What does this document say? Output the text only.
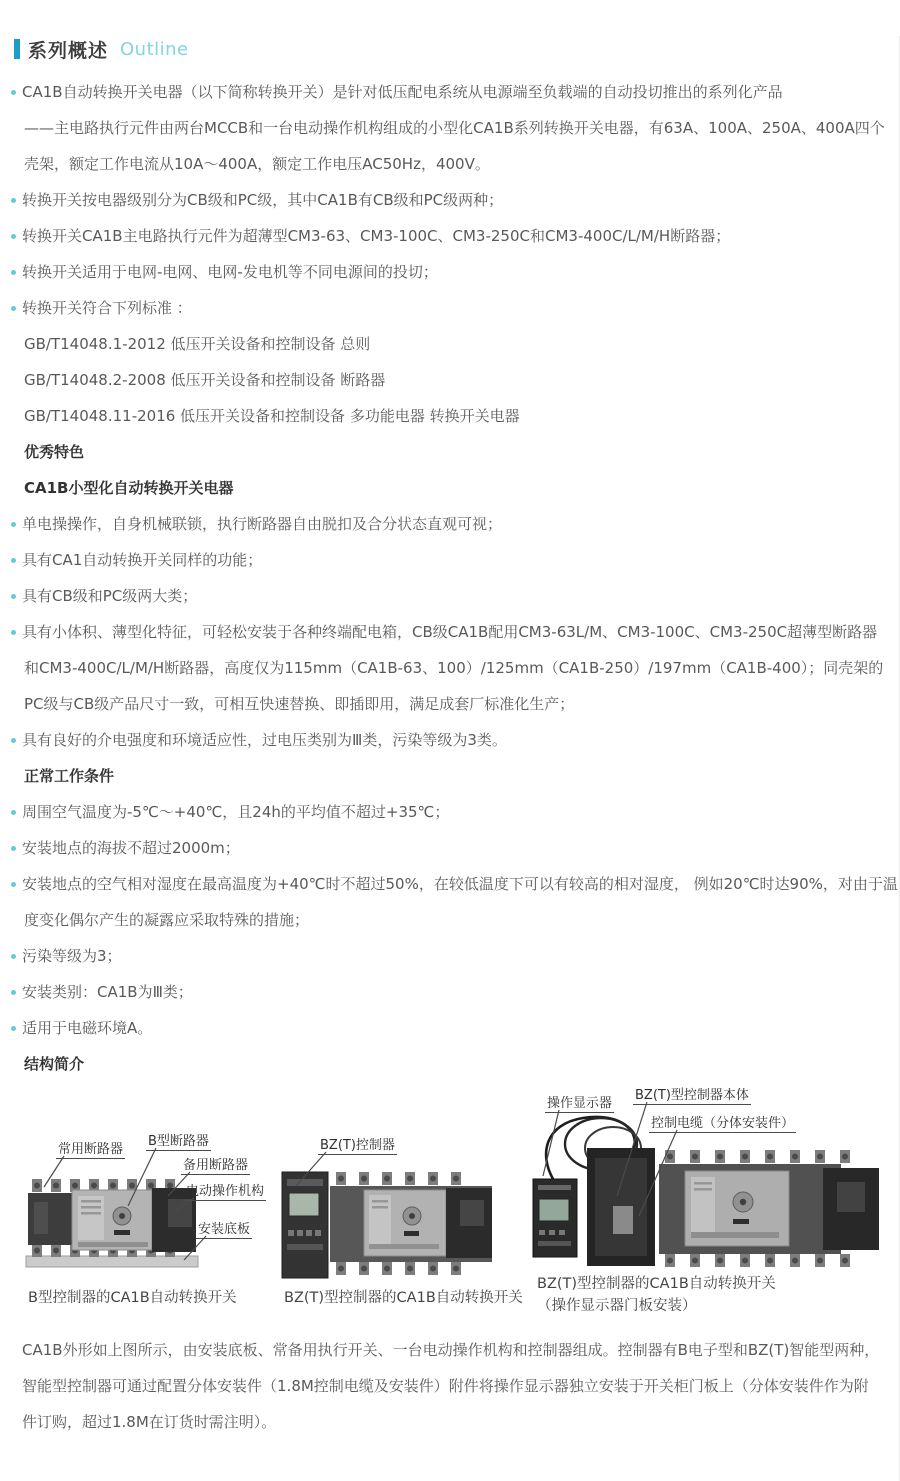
系列概述 Outline
CA1B自动转换开关电器（以下简称转换开关）是针对低压配电系统从电源端至负载端的自动投切推出的系列化产品
——主电路执行元件由两台MCCB和一台电动操作机构组成的小型化CA1B系列转换开关电器，有63A、100A、250A、400A四个
壳架，额定工作电流从10A～400A，额定工作电压AC50Hz，400V。
转换开关按电器级别分为CB级和PC级，其中CA1B有CB级和PC级两种；
转换开关CA1B主电路执行元件为超薄型CM3-63、CM3-100C、CM3-250C和CM3-400C/L/M/H断路器；
转换开关适用于电网-电网、电网-发电机等不同电源间的投切；
转换开关符合下列标准 ：
GB/T14048.1-2012 低压开关设备和控制设备 总则
GB/T14048.2-2008 低压开关设备和控制设备 断路器
GB/T14048.11-2016 低压开关设备和控制设备 多功能电器 转换开关电器
优秀特色
CA1B小型化自动转换开关电器
单电操操作，自身机械联锁，执行断路器自由脱扣及合分状态直观可视；
具有CA1自动转换开关同样的功能；
具有CB级和PC级两大类；
具有小体积、薄型化特征，可轻松安装于各种终端配电箱，CB级CA1B配用CM3-63L/M、CM3-100C、CM3-250C超薄型断路器
和CM3-400C/L/M/H断路器，高度仅为115mm（CA1B-63、100）/125mm（CA1B-250）/197mm（CA1B-400）；同壳架的
PC级与CB级产品尺寸一致，可相互快速替换、即插即用，满足成套厂标准化生产；
具有良好的介电强度和环境适应性，过电压类别为Ⅲ类，污染等级为3类。
正常工作条件
周围空气温度为-5℃～+40℃，且24h的平均值不超过+35℃；
安装地点的海拔不超过2000m；
安装地点的空气相对湿度在最高温度为+40℃时不超过50%，在较低温度下可以有较高的相对湿度， 例如20℃时达90%，对由于温
度变化偶尔产生的凝露应采取特殊的措施；
污染等级为3；
安装类别：CA1B为Ⅲ类；
适用于电磁环境A。
结构简介
常用断路器
B型断路器
备用断路器
电动操作机构
安装底板
B型控制器的CA1B自动转换开关
BZ(T)控制器
BZ(T)型控制器的CA1B自动转换开关
操作显示器
BZ(T)型控制器本体
控制电缆（分体安装件）
BZ(T)型控制器的CA1B自动转换开关
（操作显示器门板安装）
CA1B外形如上图所示，由安装底板、常备用执行开关、一台电动操作机构和控制器组成。控制器有B电子型和BZ(T)智能型两种，智能型控制器可通过配置分体安装件（1.8M控制电缆及安装件）附件将操作显示器独立安装于开关柜门板上（分体安装件作为附件订购，超过1.8M在订货时需注明）。
